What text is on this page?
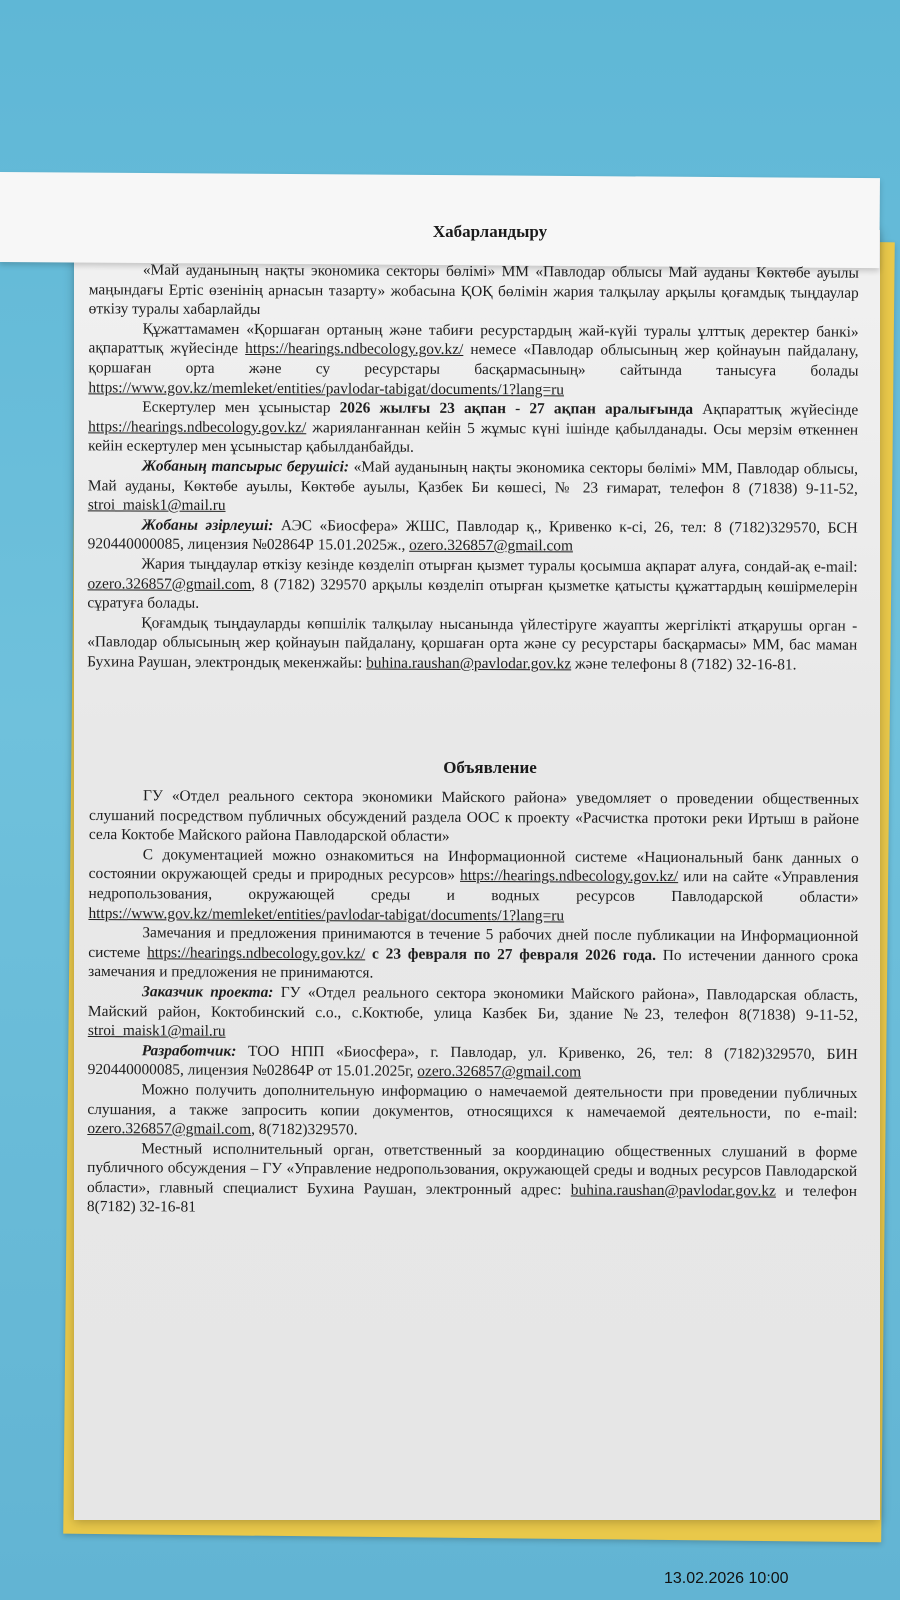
Хабарландыру

«Май ауданының нақты экономика секторы бөлімі» ММ «Павлодар облысы Май ауданы Көктөбе ауылы маңындағы Ертіс өзенінің арнасын тазарту» жобасына ҚОҚ бөлімін жария талқылау арқылы қоғамдық тыңдаулар өткізу туралы хабарлайды

Құжаттамамен «Қоршаған ортаның және табиғи ресурстардың жай-күйі туралы ұлттық деректер банкі» ақпараттық жүйесінде https://hearings.ndbecology.gov.kz/ немесе «Павлодар облысының жер қойнауын пайдалану, қоршаған орта және су ресурстары басқармасының» сайтында танысуға болады https://www.gov.kz/memleket/entities/pavlodar-tabigat/documents/1?lang=ru

Ескертулер мен ұсыныстар 2026 жылғы 23 ақпан - 27 ақпан аралығында Ақпараттық жүйесінде https://hearings.ndbecology.gov.kz/ жарияланғаннан кейін 5 жұмыс күні ішінде қабылданады. Осы мерзім өткеннен кейін ескертулер мен ұсыныстар қабылданбайды.

Жобаның тапсырыс берушісі: «Май ауданының нақты экономика секторы бөлімі» ММ, Павлодар облысы, Май ауданы, Көктөбе ауылы, Көктөбе ауылы, Қазбек Би көшесі, № 23 ғимарат, телефон 8 (71838) 9-11-52, stroi_maisk1@mail.ru

Жобаны әзірлеуші: АЭС «Биосфера» ЖШС, Павлодар қ., Кривенко к-сі, 26, тел: 8 (7182)329570, БСН 920440000085, лицензия №02864Р 15.01.2025ж., ozero.326857@gmail.com

Жария тыңдаулар өткізу кезінде көзделіп отырған қызмет туралы қосымша ақпарат алуға, сондай-ақ e-mail: ozero.326857@gmail.com, 8 (7182) 329570 арқылы көзделіп отырған қызметке қатысты құжаттардың көшірмелерін сұратуға болады.

Қоғамдық тыңдауларды көпшілік талқылау нысанында үйлестіруге жауапты жергілікті атқарушы орган - «Павлодар облысының жер қойнауын пайдалану, қоршаған орта және су ресурстары басқармасы» ММ, бас маман Бухина Раушан, электрондық мекенжайы: buhina.raushan@pavlodar.gov.kz және телефоны 8 (7182) 32-16-81.

Объявление

ГУ «Отдел реального сектора экономики Майского района» уведомляет о проведении общественных слушаний посредством публичных обсуждений раздела ООС к проекту «Расчистка протоки реки Иртыш в районе села Коктобе Майского района Павлодарской области»

С документацией можно ознакомиться на Информационной системе «Национальный банк данных о состоянии окружающей среды и природных ресурсов» https://hearings.ndbecology.gov.kz/ или на сайте «Управления недропользования, окружающей среды и водных ресурсов Павлодарской области» https://www.gov.kz/memleket/entities/pavlodar-tabigat/documents/1?lang=ru

Замечания и предложения принимаются в течение 5 рабочих дней после публикации на Информационной системе https://hearings.ndbecology.gov.kz/ с 23 февраля по 27 февраля 2026 года. По истечении данного срока замечания и предложения не принимаются.

Заказчик проекта: ГУ «Отдел реального сектора экономики Майского района», Павлодарская область, Майский район, Коктобинский с.о., с.Коктюбе, улица Казбек Би, здание №23, телефон 8(71838) 9-11-52, stroi_maisk1@mail.ru

Разработчик: ТОО НПП «Биосфера», г. Павлодар, ул. Кривенко, 26, тел: 8 (7182)329570, БИН 920440000085, лицензия №02864Р от 15.01.2025г, ozero.326857@gmail.com

Можно получить дополнительную информацию о намечаемой деятельности при проведении публичных слушания, а также запросить копии документов, относящихся к намечаемой деятельности, по e-mail: ozero.326857@gmail.com, 8(7182)329570.

Местный исполнительный орган, ответственный за координацию общественных слушаний в форме публичного обсуждения – ГУ «Управление недропользования, окружающей среды и водных ресурсов Павлодарской области», главный специалист Бухина Раушан, электронный адрес: buhina.raushan@pavlodar.gov.kz и телефон 8(7182) 32-16-81

13.02.2026 10:00
